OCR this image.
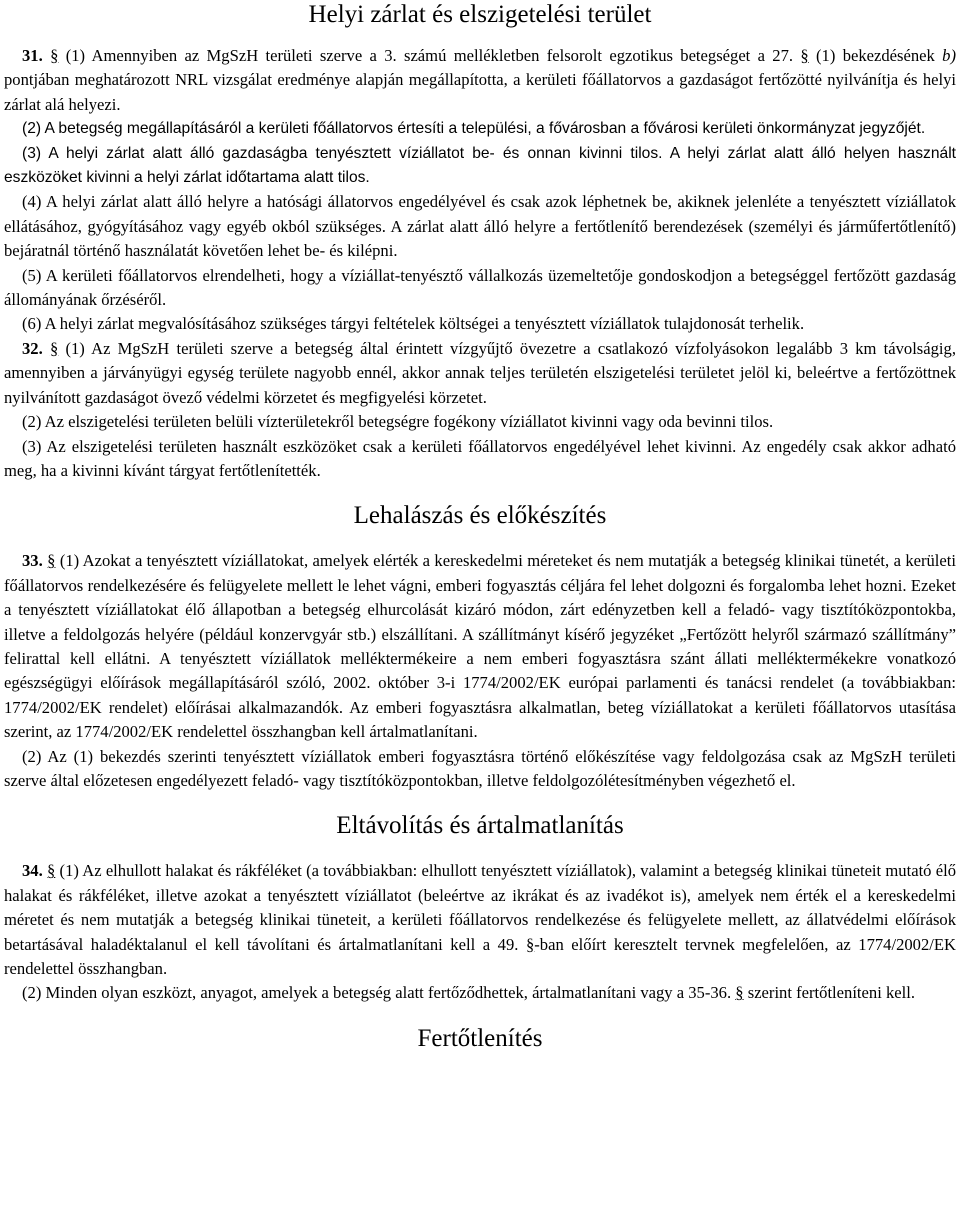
Helyi zárlat és elszigetelési terület

31. § (1) Amennyiben az MgSzH területi szerve a 3. számú mellékletben felsorolt egzotikus betegséget a 27. § (1) bekezdésének b) pontjában meghatározott NRL vizsgálat eredménye alapján megállapította, a kerületi főállatorvos a gazdaságot fertőzötté nyilvánítja és helyi zárlat alá helyezi.

(2) A betegség megállapításáról a kerületi főállatorvos értesíti a települési, a fővárosban a fővárosi kerületi önkormányzat jegyzőjét.

(3) A helyi zárlat alatt álló gazdaságba tenyésztett víziállatot be- és onnan kivinni tilos. A helyi zárlat alatt álló helyen használt eszközöket kivinni a helyi zárlat időtartama alatt tilos.

(4) A helyi zárlat alatt álló helyre a hatósági állatorvos engedélyével és csak azok léphetnek be, akiknek jelenléte a tenyésztett víziállatok ellátásához, gyógyításához vagy egyéb okból szükséges. A zárlat alatt álló helyre a fertőtlenítő berendezések (személyi és járműfertőtlenítő) bejáratnál történő használatát követően lehet be- és kilépni.

(5) A kerületi főállatorvos elrendelheti, hogy a víziállat-tenyésztő vállalkozás üzemeltetője gondoskodjon a betegséggel fertőzött gazdaság állományának őrzéséről.

(6) A helyi zárlat megvalósításához szükséges tárgyi feltételek költségei a tenyésztett víziállatok tulajdonosát terhelik.

32. § (1) Az MgSzH területi szerve a betegség által érintett vízgyűjtő övezetre a csatlakozó vízfolyásokon legalább 3 km távolságig, amennyiben a járványügyi egység területe nagyobb ennél, akkor annak teljes területén elszigetelési területet jelöl ki, beleértve a fertőzöttnek nyilvánított gazdaságot övező védelmi körzetet és megfigyelési körzetet.

(2) Az elszigetelési területen belüli vízterületekről betegségre fogékony víziállatot kivinni vagy oda bevinni tilos.

(3) Az elszigetelési területen használt eszközöket csak a kerületi főállatorvos engedélyével lehet kivinni. Az engedély csak akkor adható meg, ha a kivinni kívánt tárgyat fertőtlenítették.

Lehalászás és előkészítés

33. § (1) Azokat a tenyésztett víziállatokat, amelyek elérték a kereskedelmi méreteket és nem mutatják a betegség klinikai tünetét, a kerületi főállatorvos rendelkezésére és felügyelete mellett le lehet vágni, emberi fogyasztás céljára fel lehet dolgozni és forgalomba lehet hozni. Ezeket a tenyésztett víziállatokat élő állapotban a betegség elhurcolását kizáró módon, zárt edényzetben kell a feladó- vagy tisztítóközpontokba, illetve a feldolgozás helyére (például konzervgyár stb.) elszállítani. A szállítmányt kísérő jegyzéket „Fertőzött helyről származó szállítmány” felirattal kell ellátni. A tenyésztett víziállatok melléktermékeire a nem emberi fogyasztásra szánt állati melléktermékekre vonatkozó egészségügyi előírások megállapításáról szóló, 2002. október 3-i 1774/2002/EK európai parlamenti és tanácsi rendelet (a továbbiakban: 1774/2002/EK rendelet) előírásai alkalmazandók. Az emberi fogyasztásra alkalmatlan, beteg víziállatokat a kerületi főállatorvos utasítása szerint, az 1774/2002/EK rendelettel összhangban kell ártalmatlanítani.

(2) Az (1) bekezdés szerinti tenyésztett víziállatok emberi fogyasztásra történő előkészítése vagy feldolgozása csak az MgSzH területi szerve által előzetesen engedélyezett feladó- vagy tisztítóközpontokban, illetve feldolgozólétesítményben végezhető el.

Eltávolítás és ártalmatlanítás

34. § (1) Az elhullott halakat és rákféléket (a továbbiakban: elhullott tenyésztett víziállatok), valamint a betegség klinikai tüneteit mutató élő halakat és rákféléket, illetve azokat a tenyésztett víziállatot (beleértve az ikrákat és az ivadékot is), amelyek nem érték el a kereskedelmi méretet és nem mutatják a betegség klinikai tüneteit, a kerületi főállatorvos rendelkezése és felügyelete mellett, az állatvédelmi előírások betartásával haladéktalanul el kell távolítani és ártalmatlanítani kell a 49. §-ban előírt keresztelt tervnek megfelelően, az 1774/2002/EK rendelettel összhangban.

(2) Minden olyan eszközt, anyagot, amelyek a betegség alatt fertőződhettek, ártalmatlanítani vagy a 35-36. § szerint fertőtleníteni kell.

Fertőtlenítés
